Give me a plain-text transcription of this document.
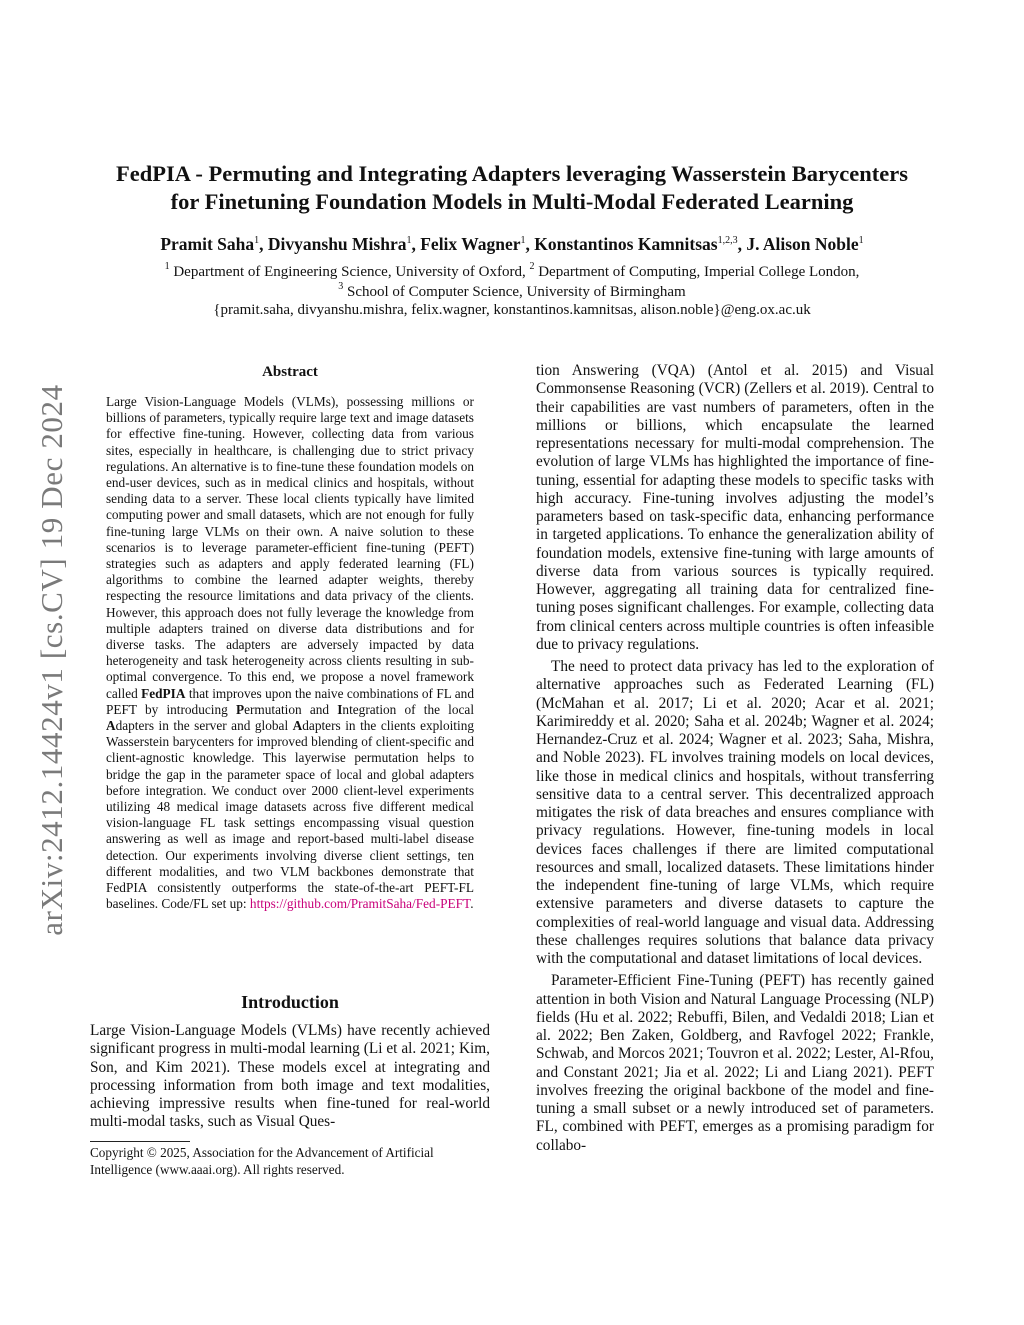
FedPIA - Permuting and Integrating Adapters leveraging Wasserstein Barycenters
for Finetuning Foundation Models in Multi-Modal Federated Learning
Pramit Saha$^1$, Divyanshu Mishra$^1$, Felix Wagner$^1$, Konstantinos Kamnitsas$^{1,2,3}$, J. Alison Noble$^1$
$^1$ Department of Engineering Science, University of Oxford, $^2$ Department of Computing, Imperial College London,
$^3$ School of Computer Science, University of Birmingham
{pramit.saha, divyanshu.mishra, felix.wagner, konstantinos.kamnitsas, alison.noble}@eng.ox.ac.uk
arXiv:2412.14424v1 [cs.CV] 19 Dec 2024
Abstract

Large Vision-Language Models (VLMs), possessing millions or billions of parameters, typically require large text and image datasets for effective fine-tuning. However, collecting data from various sites, especially in healthcare, is challenging due to strict privacy regulations. An alternative is to fine-tune these foundation models on end-user devices, such as in medical clinics and hospitals, without sending data to a server. These local clients typically have limited computing power and small datasets, which are not enough for fully fine-tuning large VLMs on their own. A naive solution to these scenarios is to leverage parameter-efficient fine-tuning (PEFT) strategies such as adapters and apply federated learning (FL) algorithms to combine the learned adapter weights, thereby respecting the resource limitations and data privacy of the clients. However, this approach does not fully leverage the knowledge from multiple adapters trained on diverse data distributions and for diverse tasks. The adapters are adversely impacted by data heterogeneity and task heterogeneity across clients resulting in sub-optimal convergence. To this end, we propose a novel framework called FedPIA that improves upon the naive combinations of FL and PEFT by introducing Permutation and Integration of the local Adapters in the server and global Adapters in the clients exploiting Wasserstein barycenters for improved blending of client-specific and client-agnostic knowledge. This layerwise permutation helps to bridge the gap in the parameter space of local and global adapters before integration. We conduct over 2000 client-level experiments utilizing 48 medical image datasets across five different medical vision-language FL task settings encompassing visual question answering as well as image and report-based multi-label disease detection. Our experiments involving diverse client settings, ten different modalities, and two VLM backbones demonstrate that FedPIA consistently outperforms the state-of-the-art PEFT-FL baselines. Code/FL set up: https://github.com/PramitSaha/Fed-PEFT.

Introduction

Large Vision-Language Models (VLMs) have recently achieved significant progress in multi-modal learning (Li et al. 2021; Kim, Son, and Kim 2021). These models excel at integrating and processing information from both image and text modalities, achieving impressive results when fine-tuned for real-world multi-modal tasks, such as Visual Ques-

Copyright © 2025, Association for the Advancement of Artificial
Intelligence (www.aaai.org). All rights reserved.

tion Answering (VQA) (Antol et al. 2015) and Visual Commonsense Reasoning (VCR) (Zellers et al. 2019). Central to their capabilities are vast numbers of parameters, often in the millions or billions, which encapsulate the learned representations necessary for multi-modal comprehension. The evolution of large VLMs has highlighted the importance of fine-tuning, essential for adapting these models to specific tasks with high accuracy. Fine-tuning involves adjusting the model’s parameters based on task-specific data, enhancing performance in targeted applications. To enhance the generalization ability of foundation models, extensive fine-tuning with large amounts of diverse data from various sources is typically required. However, aggregating all training data for centralized fine-tuning poses significant challenges. For example, collecting data from clinical centers across multiple countries is often infeasible due to privacy regulations.

The need to protect data privacy has led to the exploration of alternative approaches such as Federated Learning (FL) (McMahan et al. 2017; Li et al. 2020; Acar et al. 2021; Karimireddy et al. 2020; Saha et al. 2024b; Wagner et al. 2024; Hernandez-Cruz et al. 2024; Wagner et al. 2023; Saha, Mishra, and Noble 2023). FL involves training models on local devices, like those in medical clinics and hospitals, without transferring sensitive data to a central server. This decentralized approach mitigates the risk of data breaches and ensures compliance with privacy regulations. However, fine-tuning models in local devices faces challenges if there are limited computational resources and small, localized datasets. These limitations hinder the independent fine-tuning of large VLMs, which require extensive parameters and diverse datasets to capture the complexities of real-world language and visual data. Addressing these challenges requires solutions that balance data privacy with the computational and dataset limitations of local devices.

Parameter-Efficient Fine-Tuning (PEFT) has recently gained attention in both Vision and Natural Language Processing (NLP) fields (Hu et al. 2022; Rebuffi, Bilen, and Vedaldi 2018; Lian et al. 2022; Ben Zaken, Goldberg, and Ravfogel 2022; Frankle, Schwab, and Morcos 2021; Touvron et al. 2022; Lester, Al-Rfou, and Constant 2021; Jia et al. 2022; Li and Liang 2021). PEFT involves freezing the original backbone of the model and fine-tuning a small subset or a newly introduced set of parameters. FL, combined with PEFT, emerges as a promising paradigm for collabo-
